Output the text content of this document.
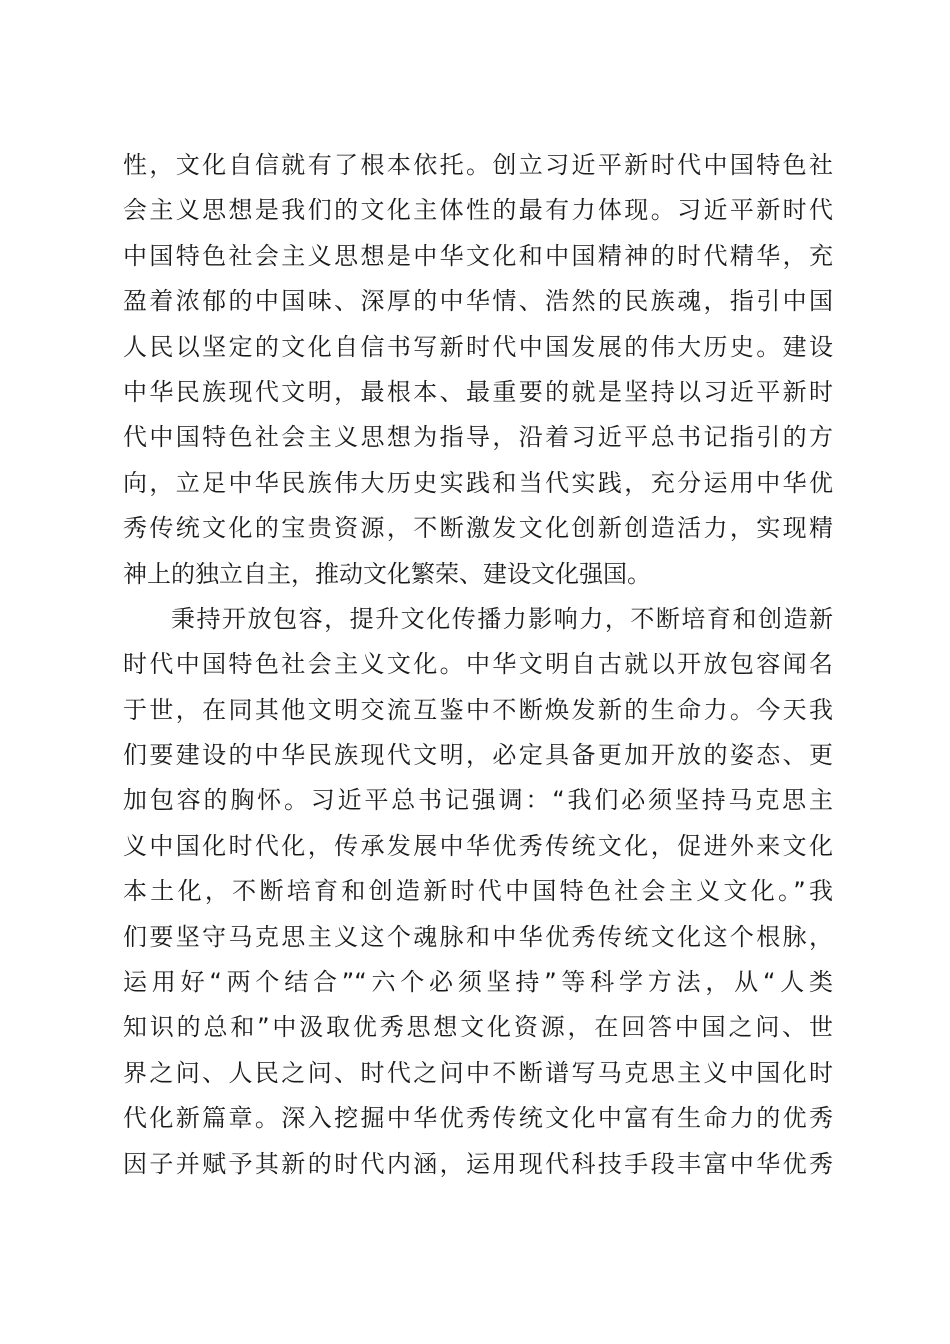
性，文化自信就有了根本依托。创立习近平新时代中国特色社
会主义思想是我们的文化主体性的最有力体现。习近平新时代
中国特色社会主义思想是中华文化和中国精神的时代精华，充
盈着浓郁的中国味、深厚的中华情、浩然的民族魂，指引中国
人民以坚定的文化自信书写新时代中国发展的伟大历史。建设
中华民族现代文明，最根本、最重要的就是坚持以习近平新时
代中国特色社会主义思想为指导，沿着习近平总书记指引的方
向，立足中华民族伟大历史实践和当代实践，充分运用中华优
秀传统文化的宝贵资源，不断激发文化创新创造活力，实现精
神上的独立自主，推动文化繁荣、建设文化强国。
秉持开放包容，提升文化传播力影响力，不断培育和创造新
时代中国特色社会主义文化。中华文明自古就以开放包容闻名
于世，在同其他文明交流互鉴中不断焕发新的生命力。今天我
们要建设的中华民族现代文明，必定具备更加开放的姿态、更
加包容的胸怀。习近平总书记强调：“我们必须坚持马克思主
义中国化时代化，传承发展中华优秀传统文化，促进外来文化
本土化，不断培育和创造新时代中国特色社会主义文化。”我
们要坚守马克思主义这个魂脉和中华优秀传统文化这个根脉，
运用好“两个结合”“六个必须坚持”等科学方法，从“人类
知识的总和”中汲取优秀思想文化资源，在回答中国之问、世
界之问、人民之问、时代之问中不断谱写马克思主义中国化时
代化新篇章。深入挖掘中华优秀传统文化中富有生命力的优秀
因子并赋予其新的时代内涵，运用现代科技手段丰富中华优秀
